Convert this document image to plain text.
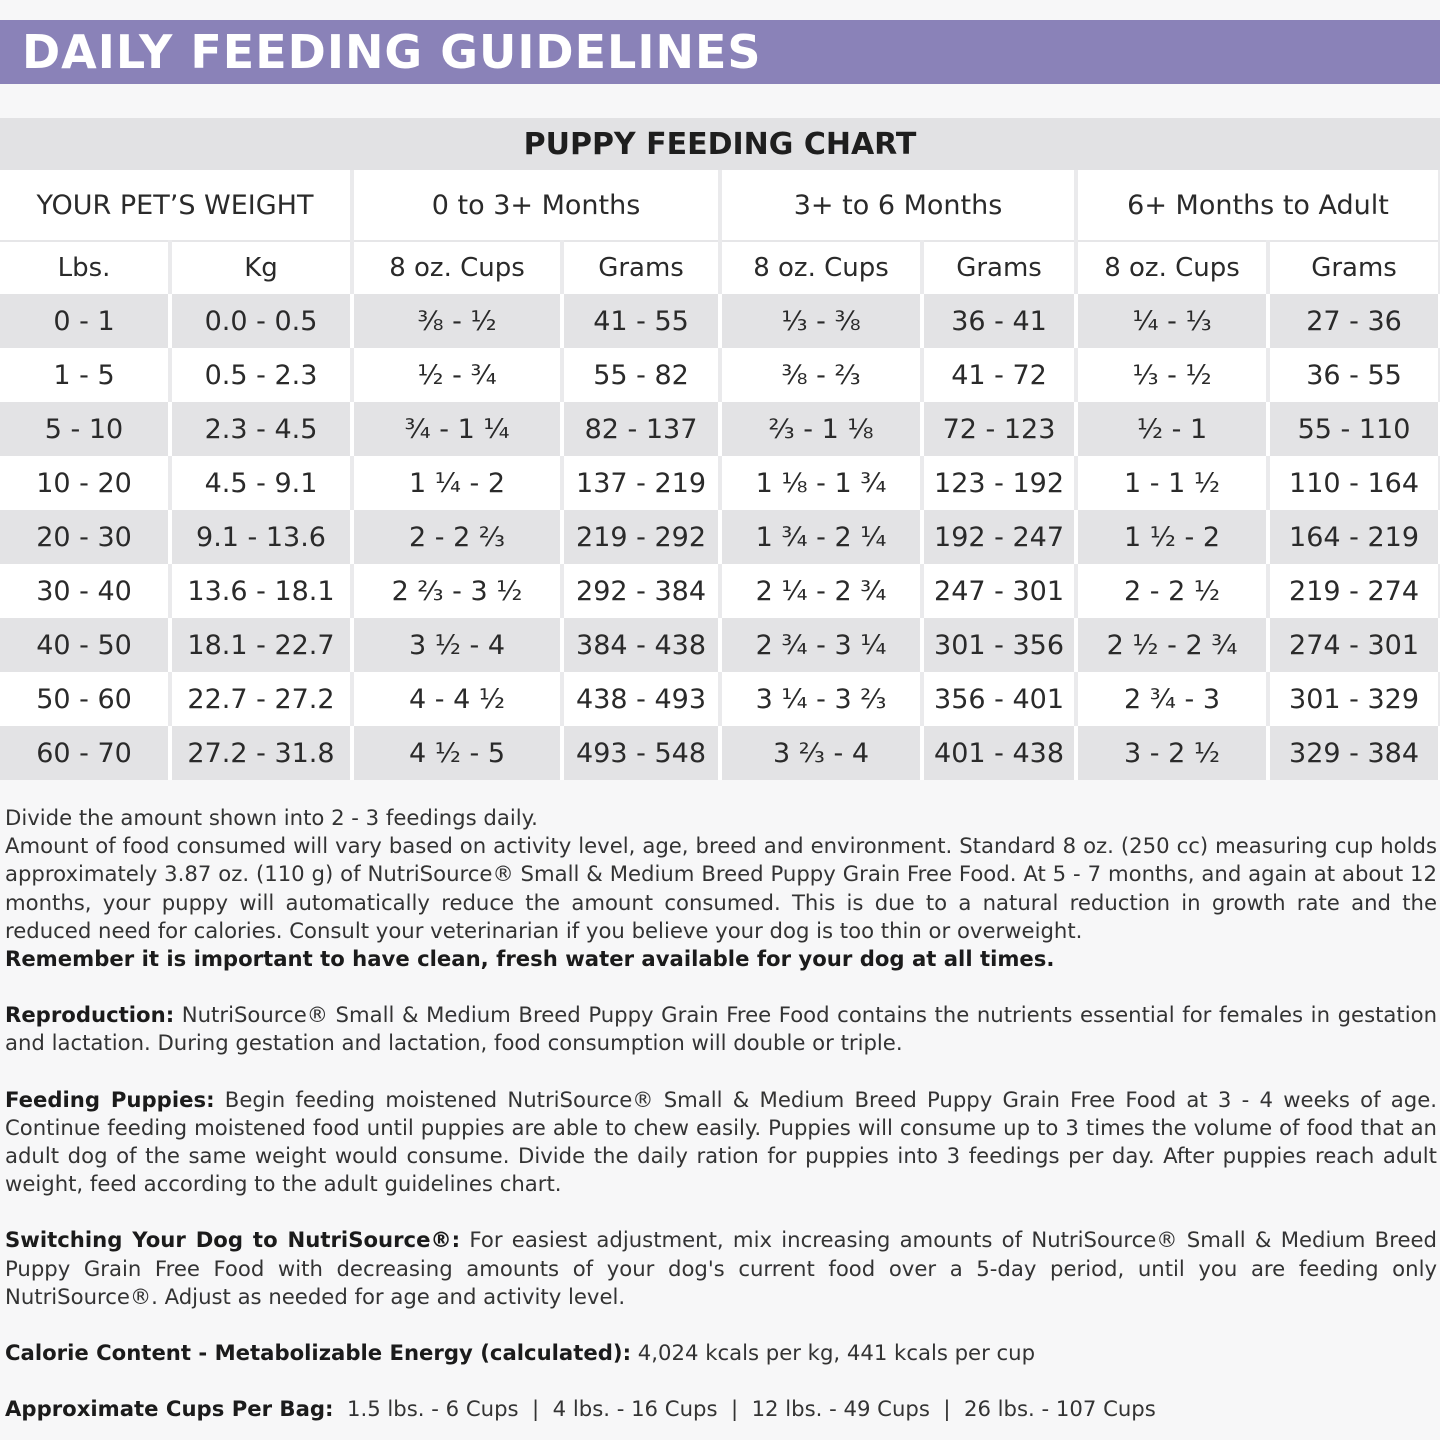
DAILY FEEDING GUIDELINES
PUPPY FEEDING CHART
YOUR PET’S WEIGHT		0 to 3+ Months		3+ to 6 Months		6+ Months to Adult	
Lbs.	Kg	8 oz. Cups	Grams	8 oz. Cups	Grams	8 oz. Cups	Grams
0 - 1	0.0 - 0.5	⅜ - ½	41 - 55	⅓ - ⅜	36 - 41	¼ - ⅓	27 - 36
1 - 5	0.5 - 2.3	½ - ¾	55 - 82	⅜ - ⅔	41 - 72	⅓ - ½	36 - 55
5 - 10	2.3 - 4.5	¾ - 1 ¼	82 - 137	⅔ - 1 ⅛	72 - 123	½ - 1	55 - 110
10 - 20	4.5 - 9.1	1 ¼ - 2	137 - 219	1 ⅛ - 1 ¾	123 - 192	1 - 1 ½	110 - 164
20 - 30	9.1 - 13.6	2 - 2 ⅔	219 - 292	1 ¾ - 2 ¼	192 - 247	1 ½ - 2	164 - 219
30 - 40	13.6 - 18.1	2 ⅔ - 3 ½	292 - 384	2 ¼ - 2 ¾	247 - 301	2 - 2 ½	219 - 274
40 - 50	18.1 - 22.7	3 ½ - 4	384 - 438	2 ¾ - 3 ¼	301 - 356	2 ½ - 2 ¾	274 - 301
50 - 60	22.7 - 27.2	4 - 4 ½	438 - 493	3 ¼ - 3 ⅔	356 - 401	2 ¾ - 3	301 - 329
60 - 70	27.2 - 31.8	4 ½ - 5	493 - 548	3 ⅔ - 4	401 - 438	3 - 2 ½	329 - 384

Divide the amount shown into 2 - 3 feedings daily.

Amount of food consumed will vary based on activity level, age, breed and environment. Standard 8 oz. (250 cc) measuring cup holds approximately 3.87 oz. (110 g) of NutriSource® Small & Medium Breed Puppy Grain Free Food. At 5 - 7 months, and again at about 12 months, your puppy will automatically reduce the amount consumed. This is due to a natural reduction in growth rate and the reduced need for calories. Consult your veterinarian if you believe your dog is too thin or overweight.

Remember it is important to have clean, fresh water available for your dog at all times.

Reproduction: NutriSource® Small & Medium Breed Puppy Grain Free Food contains the nutrients essential for females in gestation and lactation. During gestation and lactation, food consumption will double or triple.

Feeding Puppies: Begin feeding moistened NutriSource® Small & Medium Breed Puppy Grain Free Food at 3 - 4 weeks of age. Continue feeding moistened food until puppies are able to chew easily. Puppies will consume up to 3 times the volume of food that an adult dog of the same weight would consume. Divide the daily ration for puppies into 3 feedings per day. After puppies reach adult weight, feed according to the adult guidelines chart.

Switching Your Dog to NutriSource®: For easiest adjustment, mix increasing amounts of NutriSource® Small & Medium Breed Puppy Grain Free Food with decreasing amounts of your dog's current food over a 5-day period, until you are feeding only NutriSource®. Adjust as needed for age and activity level.

Calorie Content - Metabolizable Energy (calculated): 4,024 kcals per kg, 441 kcals per cup

Approximate Cups Per Bag:  1.5 lbs. - 6 Cups  |  4 lbs. - 16 Cups  |  12 lbs. - 49 Cups  |  26 lbs. - 107 Cups
